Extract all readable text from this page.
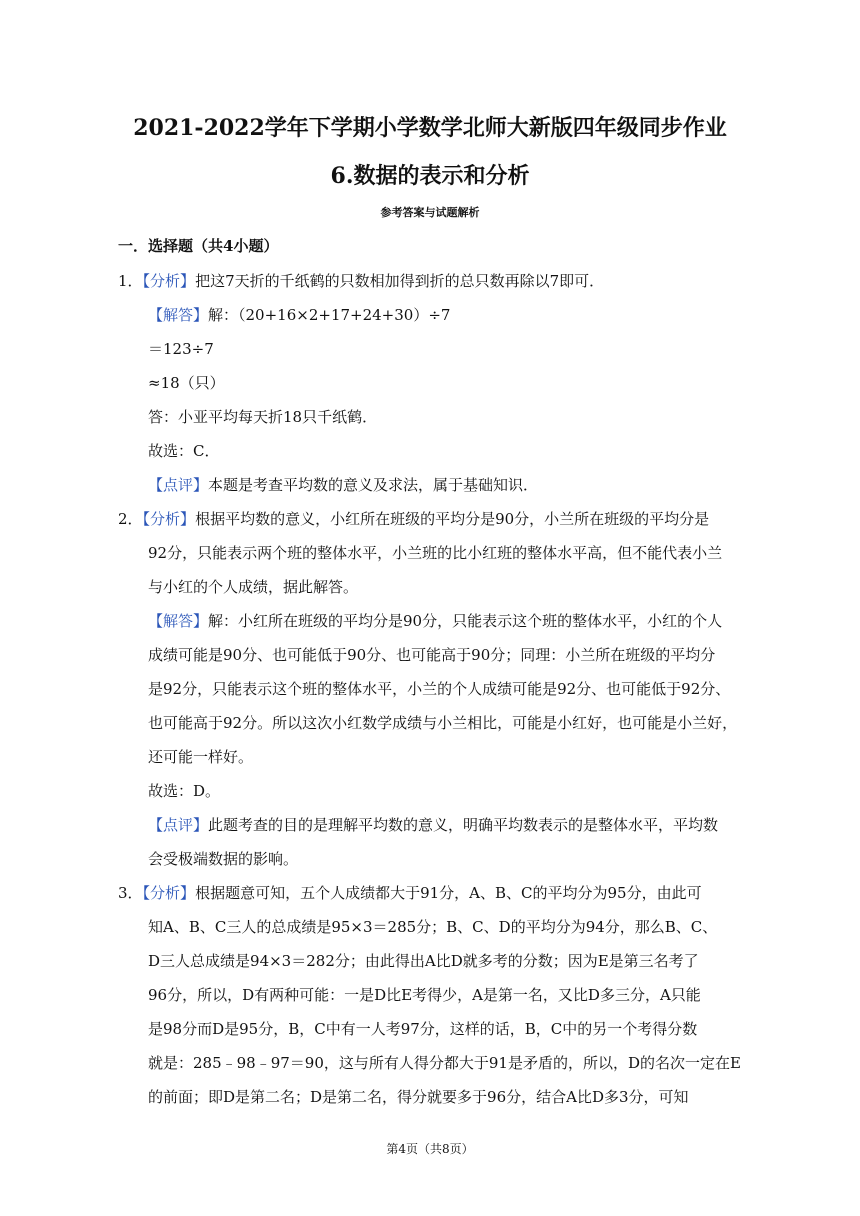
2021-2022学年下学期小学数学北师大新版四年级同步作业
6.数据的表示和分析
参考答案与试题解析
一．选择题（共4小题）
1．【分析】把这7天折的千纸鹤的只数相加得到折的总只数再除以7即可．
【解答】解：（20+16×2+17+24+30）÷7
＝123÷7
≈18（只）
答：小亚平均每天折18只千纸鹤．
故选：C．
【点评】本题是考查平均数的意义及求法，属于基础知识．
2．【分析】根据平均数的意义，小红所在班级的平均分是90分，小兰所在班级的平均分是
92分，只能表示两个班的整体水平，小兰班的比小红班的整体水平高，但不能代表小兰
与小红的个人成绩，据此解答。
【解答】解：小红所在班级的平均分是90分，只能表示这个班的整体水平，小红的个人
成绩可能是90分、也可能低于90分、也可能高于90分；同理：小兰所在班级的平均分
是92分，只能表示这个班的整体水平，小兰的个人成绩可能是92分、也可能低于92分、
也可能高于92分。所以这次小红数学成绩与小兰相比，可能是小红好，也可能是小兰好，
还可能一样好。
故选：D。
【点评】此题考查的目的是理解平均数的意义，明确平均数表示的是整体水平，平均数
会受极端数据的影响。
3．【分析】根据题意可知，五个人成绩都大于91分，A、B、C的平均分为95分，由此可
知A、B、C三人的总成绩是95×3＝285分；B、C、D的平均分为94分，那么B、C、
D三人总成绩是94×3＝282分；由此得出A比D就多考的分数；因为E是第三名考了
96分，所以，D有两种可能：一是D比E考得少，A是第一名，又比D多三分，A只能
是98分而D是95分，B，C中有一人考97分，这样的话，B，C中的另一个考得分数
就是：285﹣98﹣97＝90，这与所有人得分都大于91是矛盾的，所以，D的名次一定在E
的前面；即D是第二名；D是第二名，得分就要多于96分，结合A比D多3分，可知
第4页（共8页）
